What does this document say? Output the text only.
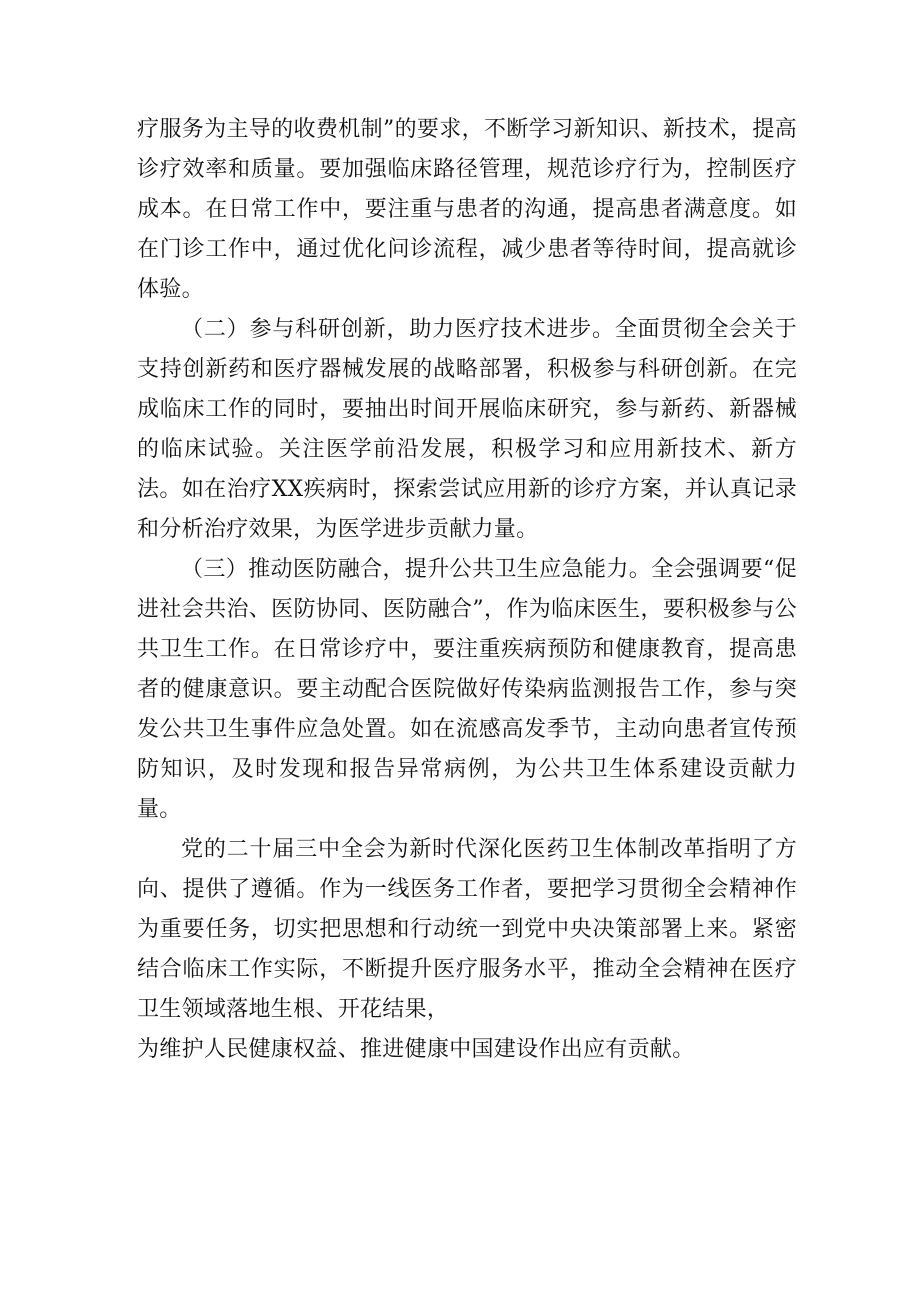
疗服务为主导的收费机制”的要求，不断学习新知识、新技术，提高诊疗效率和质量。要加强临床路径管理，规范诊疗行为，控制医疗成本。在日常工作中，要注重与患者的沟通，提高患者满意度。如在门诊工作中，通过优化问诊流程，减少患者等待时间，提高就诊体验。

（二）参与科研创新，助力医疗技术进步。全面贯彻全会关于支持创新药和医疗器械发展的战略部署，积极参与科研创新。在完成临床工作的同时，要抽出时间开展临床研究，参与新药、新器械的临床试验。关注医学前沿发展，积极学习和应用新技术、新方法。如在治疗XX疾病时，探索尝试应用新的诊疗方案，并认真记录和分析治疗效果，为医学进步贡献力量。

（三）推动医防融合，提升公共卫生应急能力。全会强调要“促进社会共治、医防协同、医防融合”，作为临床医生，要积极参与公共卫生工作。在日常诊疗中，要注重疾病预防和健康教育，提高患者的健康意识。要主动配合医院做好传染病监测报告工作，参与突发公共卫生事件应急处置。如在流感高发季节，主动向患者宣传预防知识，及时发现和报告异常病例，为公共卫生体系建设贡献力量。

党的二十届三中全会为新时代深化医药卫生体制改革指明了方向、提供了遵循。作为一线医务工作者，要把学习贯彻全会精神作为重要任务，切实把思想和行动统一到党中央决策部署上来。紧密结合临床工作实际，不断提升医疗服务水平，推动全会精神在医疗卫生领域落地生根、开花结果，

为维护人民健康权益、推进健康中国建设作出应有贡献。
